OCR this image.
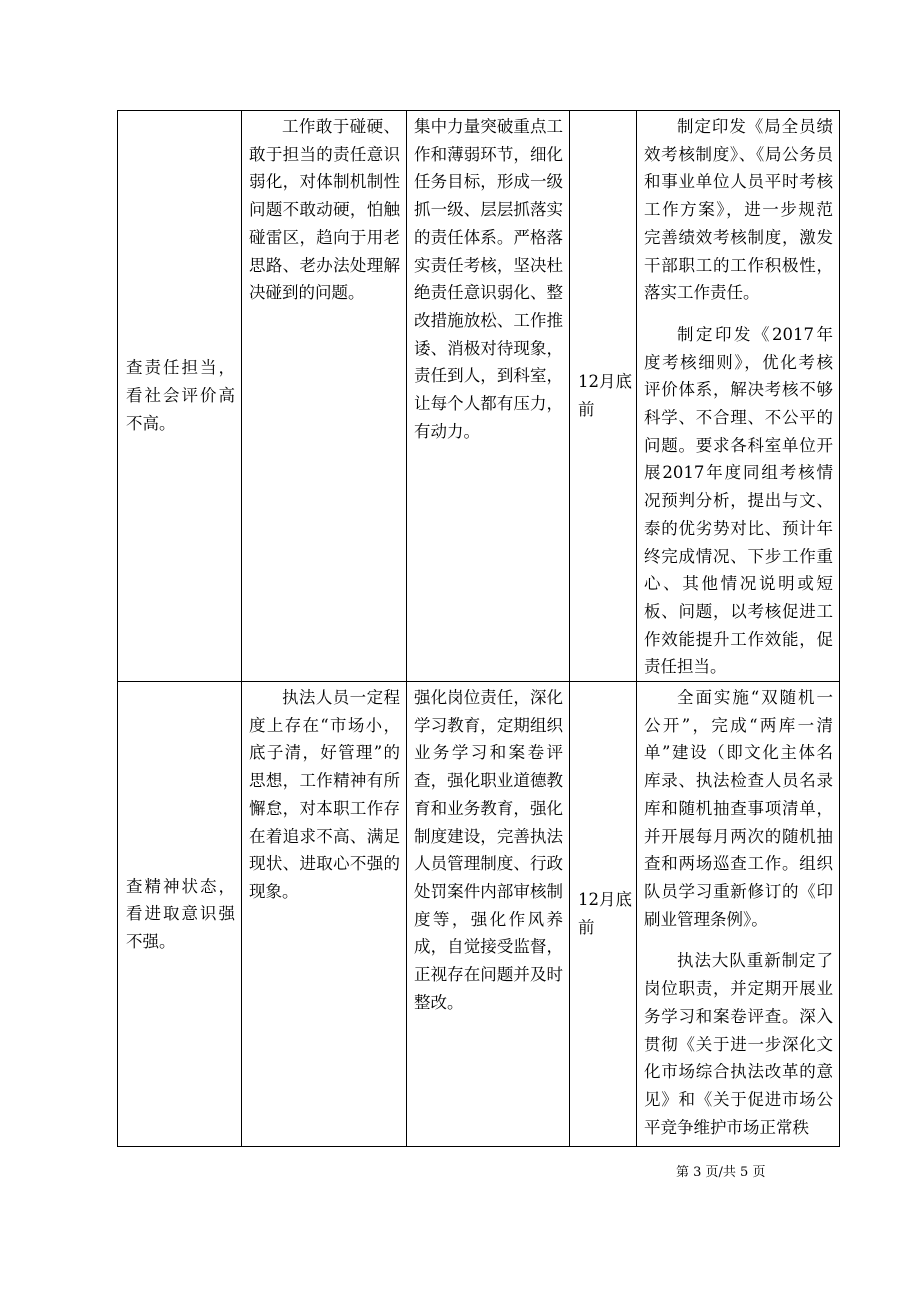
查责任担当，看社会评价高不高。	工作敢于碰硬、敢于担当的责任意识弱化，对体制机制性问题不敢动硬，怕触碰雷区，趋向于用老思路、老办法处理解决碰到的问题。	集中力量突破重点工作和薄弱环节，细化任务目标，形成一级抓一级、层层抓落实的责任体系。严格落实责任考核，坚决杜绝责任意识弱化、整改措施放松、工作推诿、消极对待现象，责任到人，到科室，让每个人都有压力，有动力。	12月底前	制定印发《局全员绩效考核制度》、《局公务员和事业单位人员平时考核工作方案》，进一步规范完善绩效考核制度，激发干部职工的工作积极性，落实工作责任。

制定印发《2017年度考核细则》，优化考核评价体系，解决考核不够科学、不合理、不公平的问题。要求各科室单位开展2017年度同组考核情况预判分析，提出与文、泰的优劣势对比、预计年终完成情况、下步工作重心、其他情况说明或短板、问题，以考核促进工作效能提升工作效能，促责任担当。

查精神状态，看进取意识强不强。	执法人员一定程度上存在“市场小，底子清，好管理”的思想，工作精神有所懈怠，对本职工作存在着追求不高、满足现状、进取心不强的现象。	强化岗位责任，深化学习教育，定期组织业务学习和案卷评查，强化职业道德教育和业务教育，强化制度建设，完善执法人员管理制度、行政处罚案件内部审核制度等，强化作风养成，自觉接受监督，正视存在问题并及时整改。	12月底前	全面实施“双随机一公开”，完成“两库一清单”建设（即文化主体名库录、执法检查人员名录库和随机抽查事项清单，并开展每月两次的随机抽查和两场巡查工作。组织队员学习重新修订的《印刷业管理条例》。

执法大队重新制定了岗位职责，并定期开展业务学习和案卷评查。深入贯彻《关于进一步深化文化市场综合执法改革的意见》和《关于促进市场公平竞争维护市场正常秩

第 3 页/共 5 页
